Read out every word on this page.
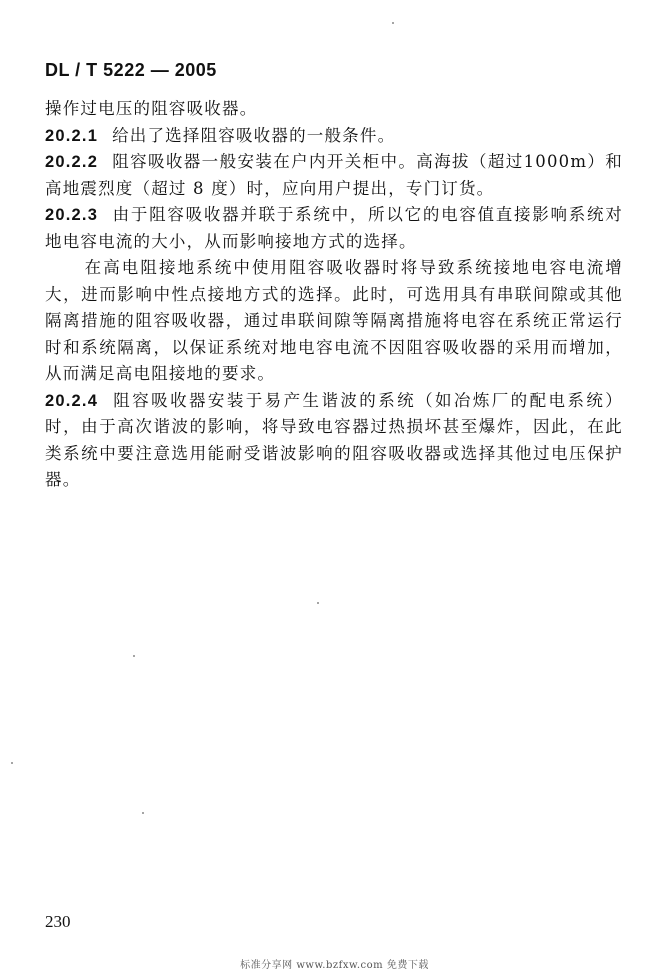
DL / T 5222 — 2005

操作过电压的阻容吸收器。

20.2.1 给出了选择阻容吸收器的一般条件。

20.2.2 阻容吸收器一般安装在户内开关柜中。高海拔（超过1000m）和高地震烈度（超过 8 度）时，应向用户提出，专门订货。

20.2.3 由于阻容吸收器并联于系统中，所以它的电容值直接影响系统对地电容电流的大小，从而影响接地方式的选择。

在高电阻接地系统中使用阻容吸收器时将导致系统接地电容电流增大，进而影响中性点接地方式的选择。此时，可选用具有串联间隙或其他隔离措施的阻容吸收器，通过串联间隙等隔离措施将电容在系统正常运行时和系统隔离，以保证系统对地电容电流不因阻容吸收器的采用而增加，从而满足高电阻接地的要求。

20.2.4 阻容吸收器安装于易产生谐波的系统（如冶炼厂的配电系统）时，由于高次谐波的影响，将导致电容器过热损坏甚至爆炸，因此，在此类系统中要注意选用能耐受谐波影响的阻容吸收器或选择其他过电压保护器。

230
标准分享网 www.bzfxw.com 免费下载
